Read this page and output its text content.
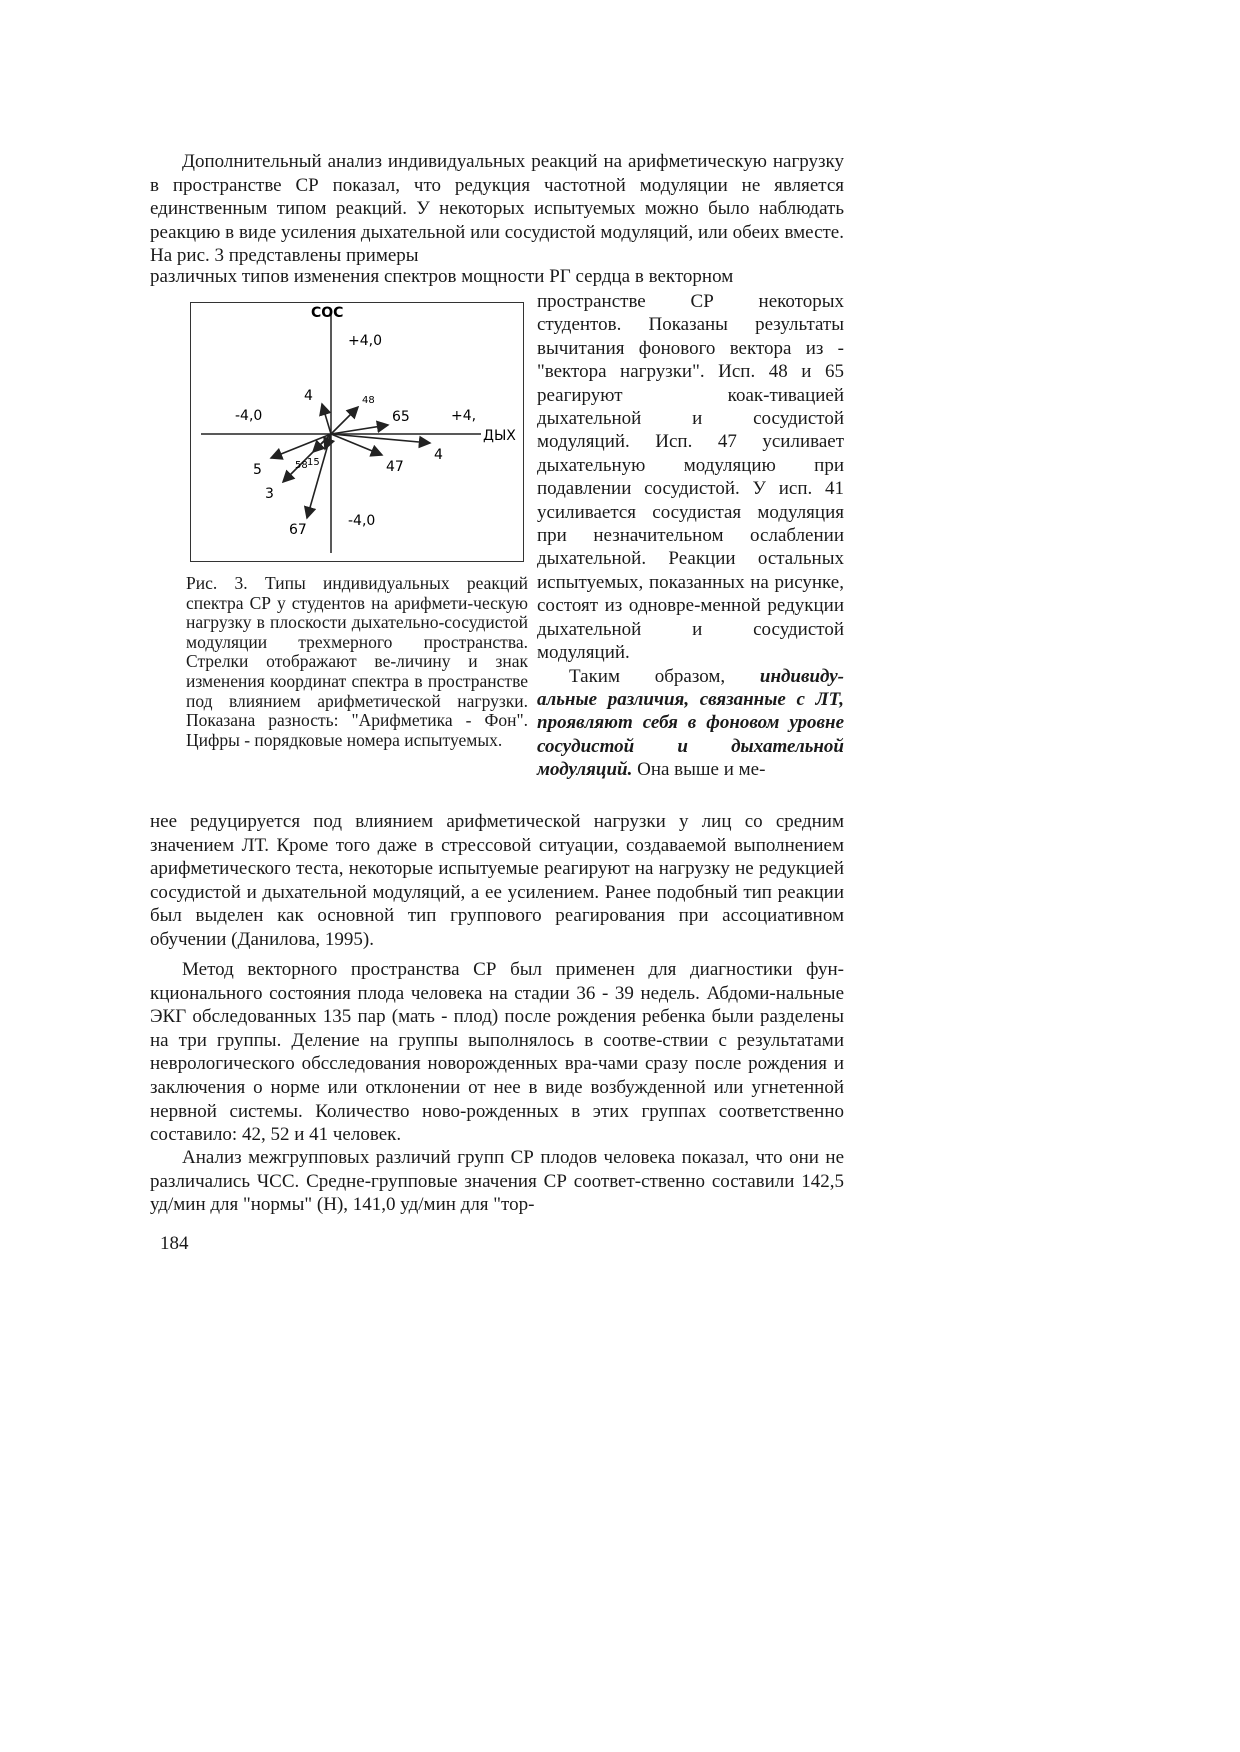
Дополнительный анализ индивидуальных реакций на арифметическую нагрузку в пространстве СР показал, что редукция частотной модуляции не является единственным типом реакций. У некоторых испытуемых можно было наблюдать реакцию в виде усиления дыхательной или сосудистой модуляций, или обеих вместе. На рис. 3 представлены примеры

различных типов изменения спектров мощности РГ сердца в векторном

СОС
ДЫХ
+4,0
-4,0
-4,0	+4,
48
65
4
47
4
5
3
58 15
67

пространстве СР некоторых студентов. Показаны результаты вычитания фонового вектора из - "вектора нагрузки". Исп. 48 и 65 реагируют коак-тивацией дыхательной и сосудистой модуляций. Исп. 47 усиливает дыхательную модуляцию при подавлении сосудистой. У исп. 41 усиливается сосудистая модуляция при незначительном ослаблении дыхательной. Реакции остальных испытуемых, показанных на рисунке, состоят из одновре-менной редукции дыхательной и сосудистой модуляций.
Таким образом, индивиду-альные различия, связанные с ЛТ, проявляют себя в фоновом уровне сосудистой и дыхательной модуляций. Она выше и ме-

Рис. 3. Типы индивидуальных реакций спектра СР у студентов на арифмети-ческую нагрузку в плоскости дыхательно-сосудистой модуляции трехмерного пространства. Стрелки отображают ве-личину и знак изменения координат спектра в пространстве под влиянием арифметической нагрузки. Показана разность: "Арифметика - Фон". Цифры - порядковые номера испытуемых.

нее редуцируется под влиянием арифметической нагрузки у лиц со средним значением ЛТ. Кроме того даже в стрессовой ситуации, создаваемой выполнением арифметического теста, некоторые испытуемые реагируют на нагрузку не редукцией сосудистой и дыхательной модуляций, а ее усилением. Ранее подобный тип реакции был выделен как основной тип группового реагирования при ассоциативном обучении (Данилова, 1995).

Метод векторного пространства СР был применен для диагностики фун-кционального состояния плода человека на стадии 36 - 39 недель. Абдоми-нальные ЭКГ обследованных 135 пар (мать - плод) после рождения ребенка были разделены на три группы. Деление на группы выполнялось в соотве-ствии с результатами неврологического обсследования новорожденных вра-чами сразу после рождения и заключения о норме или отклонении от нее в виде возбужденной или угнетенной нервной системы. Количество ново-рожденных в этих группах соответственно составило: 42, 52 и 41 человек.

Анализ межгрупповых различий групп СР плодов человека показал, что они не различались ЧСС. Средне-групповые значения СР соответ-ственно составили 142,5 уд/мин для "нормы" (Н), 141,0 уд/мин для "тор-

184
